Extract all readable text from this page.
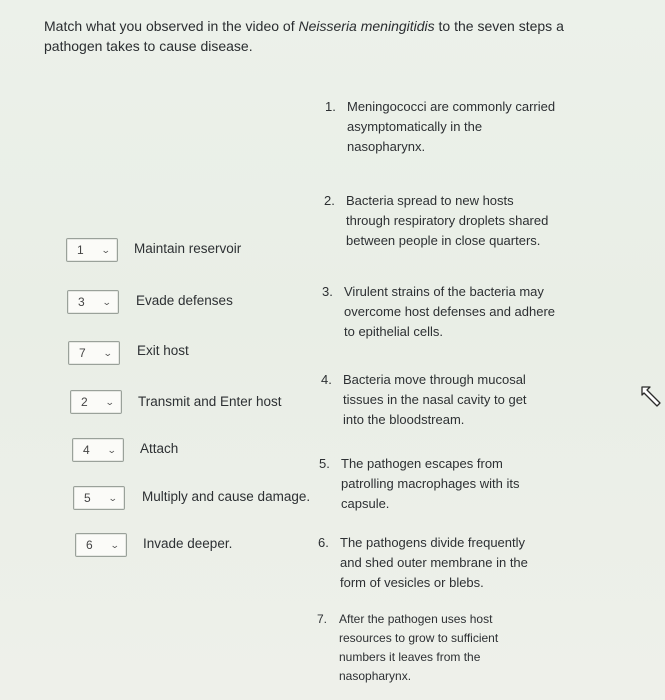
Match what you observed in the video of Neisseria meningitidis to the seven steps a pathogen takes to cause disease.
1 ⌄ Maintain reservoir
3 ⌄ Evade defenses
7 ⌄ Exit host
2 ⌄ Transmit and Enter host
4 ⌄ Attach
5 ⌄ Multiply and cause damage.
6 ⌄ Invade deeper.
1. Meningococci are commonly carried
asymptomatically in the
nasopharynx.
2. Bacteria spread to new hosts
through respiratory droplets shared
between people in close quarters.
3. Virulent strains of the bacteria may
overcome host defenses and adhere
to epithelial cells.
4. Bacteria move through mucosal
tissues in the nasal cavity to get
into the bloodstream.
5. The pathogen escapes from
patrolling macrophages with its
capsule.
6. The pathogens divide frequently
and shed outer membrane in the
form of vesicles or blebs.
7. After the pathogen uses host
resources to grow to sufficient
numbers it leaves from the
nasopharynx.
